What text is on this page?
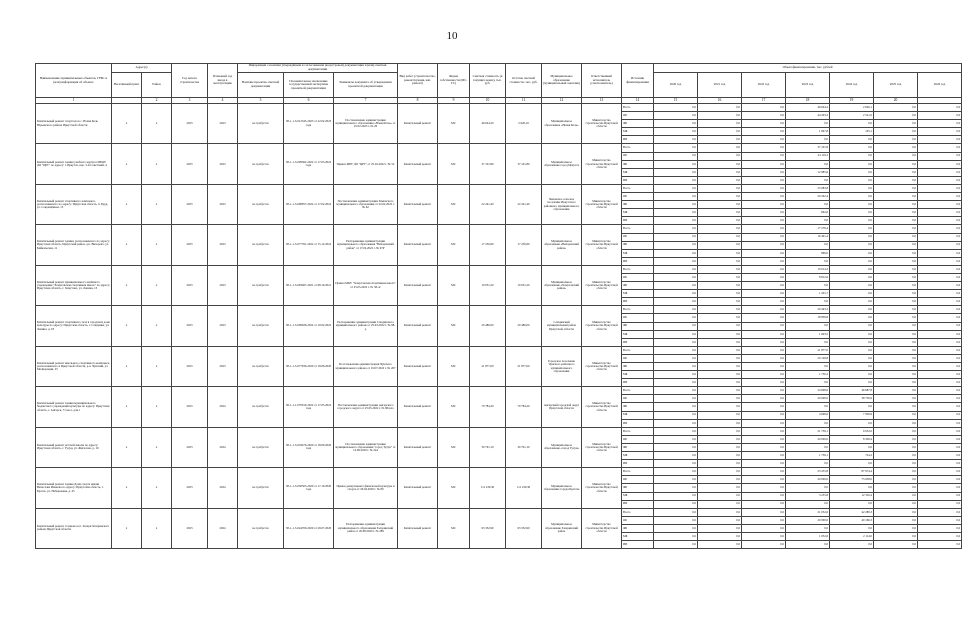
10
Наименование муниципальных объектов, ГРБС и (или) информация об объекте	Адрес(а)		Год начала строительства	Плановый год ввода в эксплуатацию	Информация о наличии утверждённой и согласованной (кадастровой) документации и (или) сметной документации			Вид работ (строительство, реконструкция, кап. ремонт)	Форма собственности (МС, ГС)	Сметная стоимость (в текущих ценах), тыс. руб.	Остаток сметной стоимости, тыс. руб.	Муниципальное образование (муниципальный заказчик)	Ответственный исполнитель (соисполнитель)	Источник финансирования	Объем финансирования, тыс. рублей						
															2020 год	2021 год	2022 год	2023 год	2024 год	2025 год	2026 год
	Населённый пункт	Район			Наличие проектно-сметной документации	Положительное заключение государственной экспертизы проектной документации	Реквизиты документа об утверждении проектной документации														
1		2	3	4	5	6	7	8	9	10	11	12	13	14	15	16	17	18	19	20	
Капитальный ремонт спортзала в с. Новая Кочь Юрьевского района Иркутской области	х	х	2023	2023	не требуется	38-1-1-3-012345-2023 от 22.02.2023 года	Постановление администрации муниципального образования «Новая Кочь» от 25.02.2023 г. № 26	Капитальный ремонт	МС	46 644,20	2 626,10	Муниципальное образование «Новая Кочь»	Министерство строительства Иркутской области	Всего	0,0	0,0	0,0	46 644,2	2 626,1	0,0	0,0
														ОБ	0,0	0,0	0,0	44 203,2	2 521,0	0,0	0,0
														ФБ	0,0	0,0	0,0	0,0	0,0	0,0	0,0
														МБ	0,0	0,0	0,0	1 847,8	105,1	0,0	0,0
														ИИ	0,0	0,0	0,0	0,0	0,0	0,0	0,0
Капитальный ремонт здания учебного корпуса МБОУ ДО "ЦРТ" по адресу: г. Иркутск, пер. 3-й Советский, 4	х	х	2023	2023	не требуется	38-1-1-3-009362-2022 от 17.03.2022 года	Приказ МБУ ДО "ЦРТ" от 25.02.2022 г. № 52	Капитальный ремонт	МС	37 101,80	37 101,80	Муниципальное образование город Иркутск	Министерство строительства Иркутской области	Всего	0,0	0,0	0,0	37 101,8	0,0	0,0	0,0
														ОБ	0,0	0,0	0,0	24 116,2	0,0	0,0	0,0
														ФБ	0,0	0,0	0,0	0,0	0,0	0,0	0,0
														МБ	0,0	0,0	0,0	12 985,6	0,0	0,0	0,0
														ИИ	0,0	0,0	0,0	0,0	0,0	0,0	0,0
Капитальный ремонт спортивного комплекса, расположенного по адресу: Иркутская область, п. Бурд, ул. Сокращённая, 15	х	х	2023	2023	не требуется	38-1-1-3-008057-2022 от 17.02.2022	Постановление администрации Зимовского муниципального образования от 22.02.2022 г. № 62	Капитальный ремонт	МС	22 241,40	22 241,40	Зимовское сельское поселение Иркутского районного муниципального образования	Министерство строительства Иркутской области	Всего	0,0	0,0	0,0	23 083,8	0,0	0,0	0,0
														ОБ	0,0	0,0	0,0	20 242,4	0,0	0,0	0,0
														ФБ	0,0	0,0	0,0	0,0	0,0	0,0	0,0
														МБ	0,0	0,0	0,0	842,0	0,0	0,0	0,0
														ИИ	0,0	0,0	0,0	0,0	0,0	0,0	0,0
Капитальный ремонт здания, расположенного по адресу: Иркутская область, Иркутский район, д.п. Вихорево, ул. Байкальская, 11	х	х	2023	2023	не требуется	38-1-1-3-077761-2022 от 15.12.2022	Распоряжение администрации муниципального образования "Вихоревский район" от 17.02.2022 г. № 97Р	Капитальный ремонт	МС	17 250,60	17 250,60	Муниципальное образование «Вихоревский район»	Министерство строительства Иркутской области	Всего	0,0	0,0	0,0	17 276,4	0,0	0,0	0,0
														ОБ	0,0	0,0	0,0	16 491,4	0,0	0,0	0,0
														ФБ	0,0	0,0	0,0	0,0	0,0	0,0	0,0
														МБ	0,0	0,0	0,0	869,0	0,0	0,0	0,0
														ИИ	0,0	0,0	0,0	0,0	0,0	0,0	0,0
Капитальный ремонт муниципального казённого учреждения "Хомутовская спортивная школа" по адресу: Иркутская область, г. Хомутово, ул. Ленина, 13	х	х	2023	2023	не требуется	38-1-1-3-093467-2021 от 08.10.2021	Приказ МКУ "Хомутовская спортивная школа" от 25.05.2022 г. № 58-лс	Капитальный ремонт	МС	10 031,20	10 031,20	Муниципальное образование «Хомутовский район»	Министерство строительства Иркутской области	Всего	0,0	0,0	0,0	10 014,3	0,0	0,0	0,0
														ОБ	0,0	0,0	0,0	8 812,6	0,0	0,0	0,0
														ФБ	0,0	0,0	0,0	0,0	0,0	0,0	0,0
														МБ	0,0	0,0	0,0	1 201,7	0,0	0,0	0,0
														ИИ	0,0	0,0	0,0	0,0	0,0	0,0	0,0
Капитальный ремонт спортивного зала в городском доме культуры по адресу: Иркутская область, г. Слюдянка, ул. Ленина, д. 18	х	х	2023	2023	не требуется	38-1-1-3-009026-2022 от 10.02.2022	Распоряжение администрации Слюдянского муниципального района от 25.03.2022 г. № 98-р	Капитальный ремонт	МС	20 480,00	20 480,00	Слюдянский муниципальный район Иркутской области	Министерство строительства Иркутской области	Всего	0,0	0,0	0,0	20 443,3	0,0	0,0	0,0
														ОБ	0,0	0,0	0,0	18 839,8	0,0	0,0	0,0
														ФБ	0,0	0,0	0,0	0,0	0,0	0,0	0,0
														МБ	0,0	0,0	0,0	1 603,5	0,0	0,0	0,0
														ИИ	0,0	0,0	0,0	0,0	0,0	0,0	0,0
Капитальный ремонт школьного спортивного комплекса, расположенного в Иркутской области, р.п. Чунский, ул. Мелиорации, 25	х	х	2023	2023	не требуется	38-1-1-3-077036-2020 от 18.06.2020	Постановление администрации Чунского муниципального района от 19.07.2022 г. № 267	Капитальный ремонт	МС	21 877,00	21 877,00	Городское поселение Чунского районного муниципального образования	Министерство строительства Иркутской области	Всего	0,0	0,0	0,0	21 877,0	0,0	0,0	0,0
														ОБ	0,0	0,0	0,0	20 126,8	0,0	0,0	0,0
														ФБ	0,0	0,0	0,0	0,0	0,0	0,0	0,0
														МБ	0,0	0,0	0,0	1 750,2	0,0	0,0	0,0
														ИИ	0,0	0,0	0,0	0,0	0,0	0,0	0,0
Капитальный ремонт здания муниципального бюджетного учреждения культуры по адресу: Иркутская область, г. Ангарск, 71 кв-л, дом 1	х	х	2023	2024	не требуется	38-1-1-1-070910-2022 от 17.05.2022 года	Постановление администрации Ангарского городского округа от 25.05.2022 г. № 904-па	Капитальный ремонт	МС	70 784,20	70 784,20	Ангарский городской округ Иркутской области	Министерство строительства Иркутской области	Всего	0,0	0,0	0,0	24 096,6	46 687,8	0,0	0,0
														ОБ	0,0	0,0	0,0	20 000,0	38 750,9	0,0	0,0
														ФБ	0,0	0,0	0,0	0,0	0,0	0,0	0,0
														МБ	0,0	0,0	0,0	4 096,6	7 936,9	0,0	0,0
														ИИ	0,0	0,0	0,0	0,0	0,0	0,0	0,0
Капитальный ремонт детской школы по адресу: Иркутская область, г. Тулун, ул. Жигалова, д. 19	х	х	2023	2024	не требуется	38-1-1-3-018476-2020 от 18.09.2020 года	Постановление администрации муниципального образования "город Тулун" от 14.09.2020 г. № 244	Капитальный ремонт	МС	30 791,10	30 791,10	Муниципальное образование «город Тулун»	Министерство строительства Иркутской области	Всего	0,0	0,0	0,0	21 739,1	9 052,0	0,0	0,0
														ОБ	0,0	0,0	0,0	20 000,0	8 328,4	0,0	0,0
														ФБ	0,0	0,0	0,0	0,0	0,0	0,0	0,0
														МБ	0,0	0,0	0,0	1 739,1	724,2	0,0	0,0
														ИИ	0,0	0,0	0,0	0,0	0,0	0,0	0,0
Капитальный ремонт здания Дома спорта имени Вячеслава Иванова по адресу: Иркутская область, г. Братск, ул. Набережная, д. 45	х	х	2023	2024	не требуется	38-1-1-3-030505-2020 от 17.10.2020 года	Приказ департамента физической культуры и спорта от 29.04.2020 г. № 80	Капитальный ремонт	МС	111 230,30	111 230,30	Муниципальное образование города Братска	Министерство строительства Иркутской области	Всего	0,0	0,0	0,0	23 255,8	87 974,4	0,0	0,0
														ОБ	0,0	0,0	0,0	20 000,0	75 658,0	0,0	0,0
														ФБ	0,0	0,0	0,0	0,0	0,0	0,0	0,0
														МБ	0,0	0,0	0,0	3 255,8	12 316,4	0,0	0,0
														ИИ	0,0	0,0	0,0	0,0	0,0	0,0	0,0
Капитальный ремонт стадиона в п. Залари Заларинского района Иркутской области	х	х	2023	2024	не требуется	38-1-1-3-044709-2020 от 29.07.2020	Распоряжение администрации муниципального образования Заларинский район от 20.08.2020 г. № 289	Капитальный ремонт	МС	63 332,90	63 332,90	Муниципальное образование Заларинский район	Министерство строительства Иркутской области	Всего	0,0	0,0	0,0	21 052,6	42 280,3	0,0	0,0
														ОБ	0,0	0,0	0,0	20 000,0	40 166,3	0,0	0,0
														ФБ	0,0	0,0	0,0	0,0	0,0	0,0	0,0
														МБ	0,0	0,0	0,0	1 052,6	2 114,0	0,0	0,0
														ИИ	0,0	0,0	0,0	0,0	0,0	0,0	0,0
